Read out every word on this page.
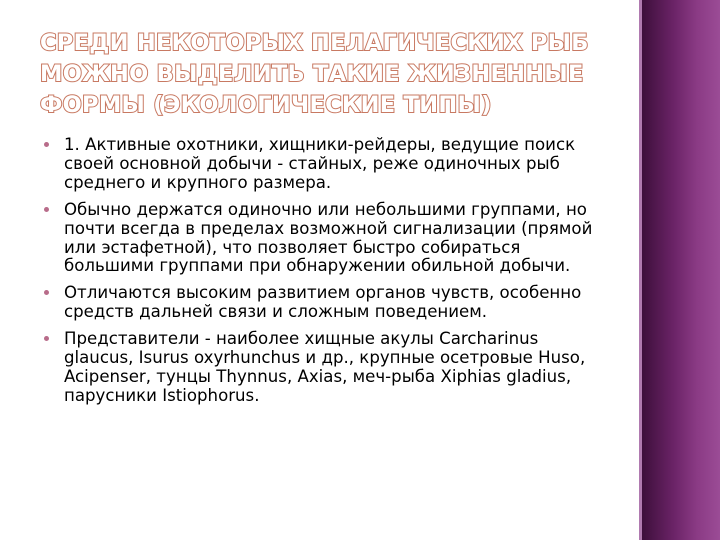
СРЕДИ НЕКОТОРЫХ ПЕЛАГИЧЕСКИХ РЫБ
МОЖНО ВЫДЕЛИТЬ ТАКИЕ ЖИЗНЕННЫЕ
ФОРМЫ (ЭКОЛОГИЧЕСКИЕ ТИПЫ)
1. Активные охотники, хищники-рейдеры, ведущие поиск своей основной добычи - стайных, реже одиночных рыб среднего и крупного размера.
Обычно держатся одиночно или небольшими группами, но почти всегда в пределах возможной сигнализации (прямой или эстафетной), что позволяет быстро собираться большими группами при обнаружении обильной добычи.
Отличаются высоким развитием органов чувств, особенно средств дальней связи и сложным поведением.
Представители - наиболее хищные акулы Carcharinus glaucus, Isurus oxyrhunchus и др., крупные осетровые Huso, Acipenser, тунцы Thynnus, Axias, меч-рыба Xiphias gladius, парусники Istiophorus.
